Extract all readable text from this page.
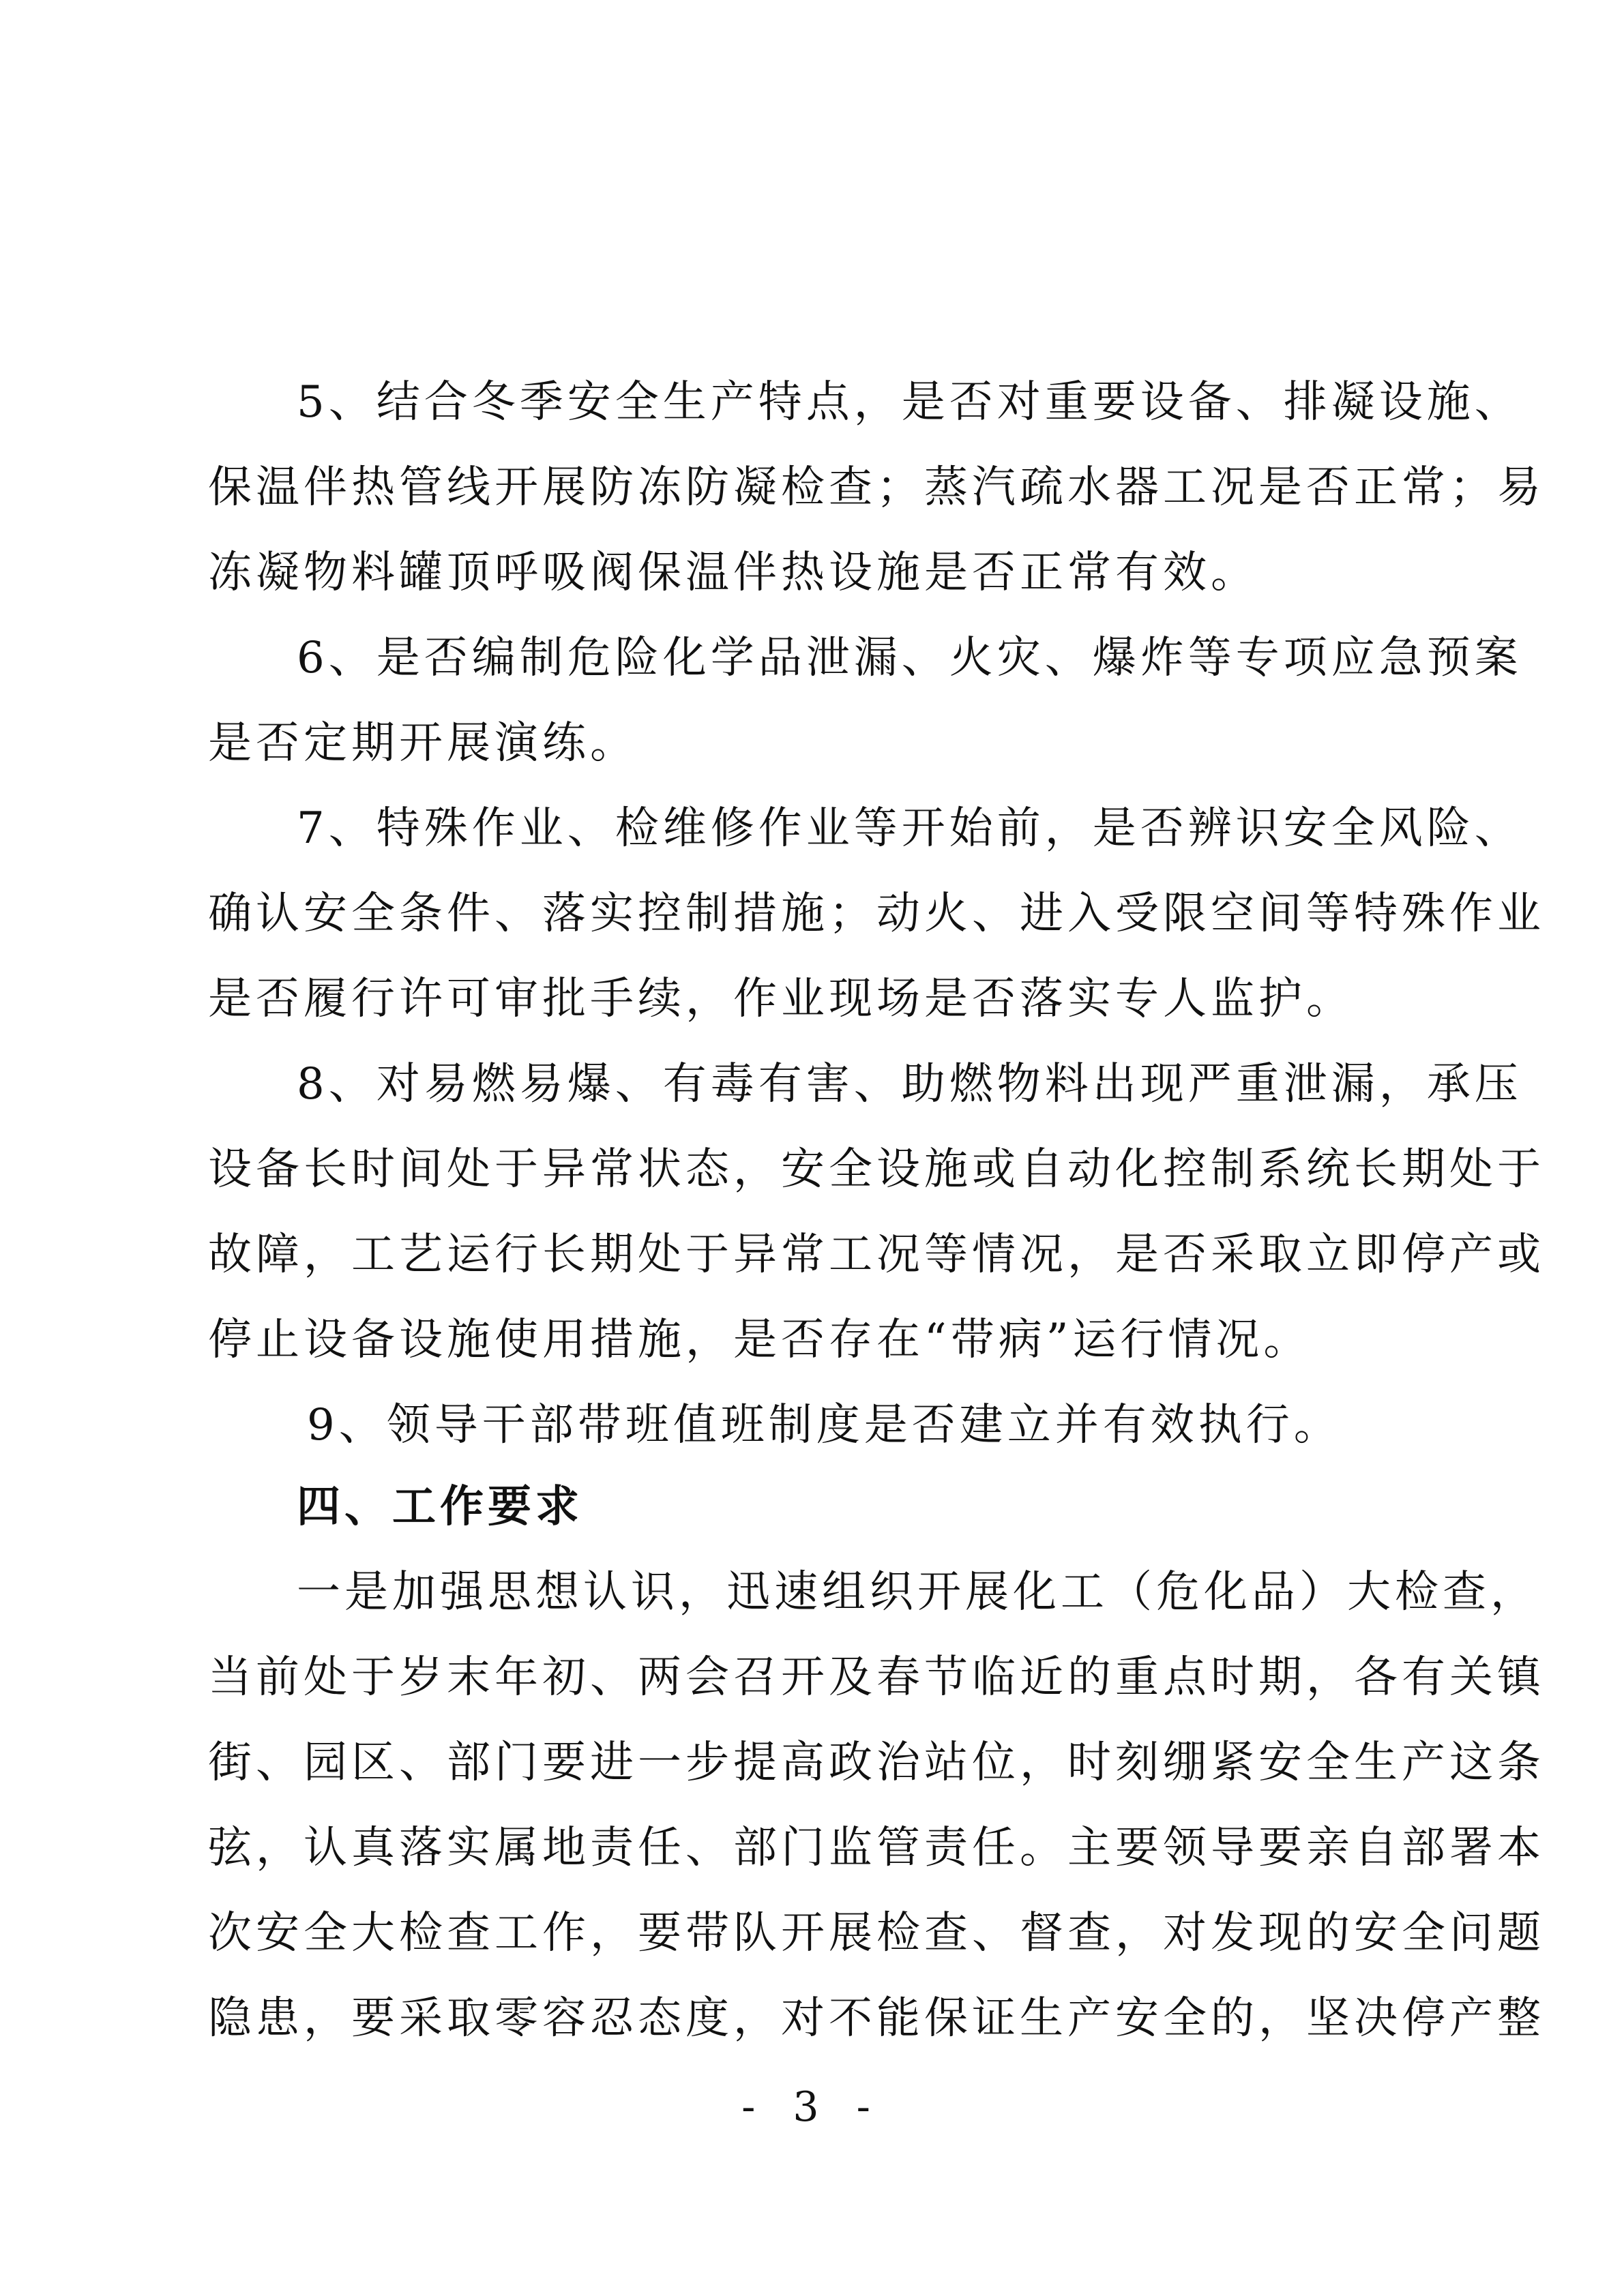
5、结合冬季安全生产特点，是否对重要设备、排凝设施、
保温伴热管线开展防冻防凝检查；蒸汽疏水器工况是否正常；易
冻凝物料罐顶呼吸阀保温伴热设施是否正常有效。
6、是否编制危险化学品泄漏、火灾、爆炸等专项应急预案
是否定期开展演练。
7、特殊作业、检维修作业等开始前，是否辨识安全风险、
确认安全条件、落实控制措施；动火、进入受限空间等特殊作业
是否履行许可审批手续，作业现场是否落实专人监护。
8、对易燃易爆、有毒有害、助燃物料出现严重泄漏，承压
设备长时间处于异常状态，安全设施或自动化控制系统长期处于
故障，工艺运行长期处于异常工况等情况，是否采取立即停产或
停止设备设施使用措施，是否存在“带病”运行情况。
9、领导干部带班值班制度是否建立并有效执行。
四、工作要求
一是加强思想认识，迅速组织开展化工（危化品）大检查，
当前处于岁末年初、两会召开及春节临近的重点时期，各有关镇
街、园区、部门要进一步提高政治站位，时刻绷紧安全生产这条
弦，认真落实属地责任、部门监管责任。主要领导要亲自部署本
次安全大检查工作，要带队开展检查、督查，对发现的安全问题
隐患，要采取零容忍态度，对不能保证生产安全的，坚决停产整
- 3 -
